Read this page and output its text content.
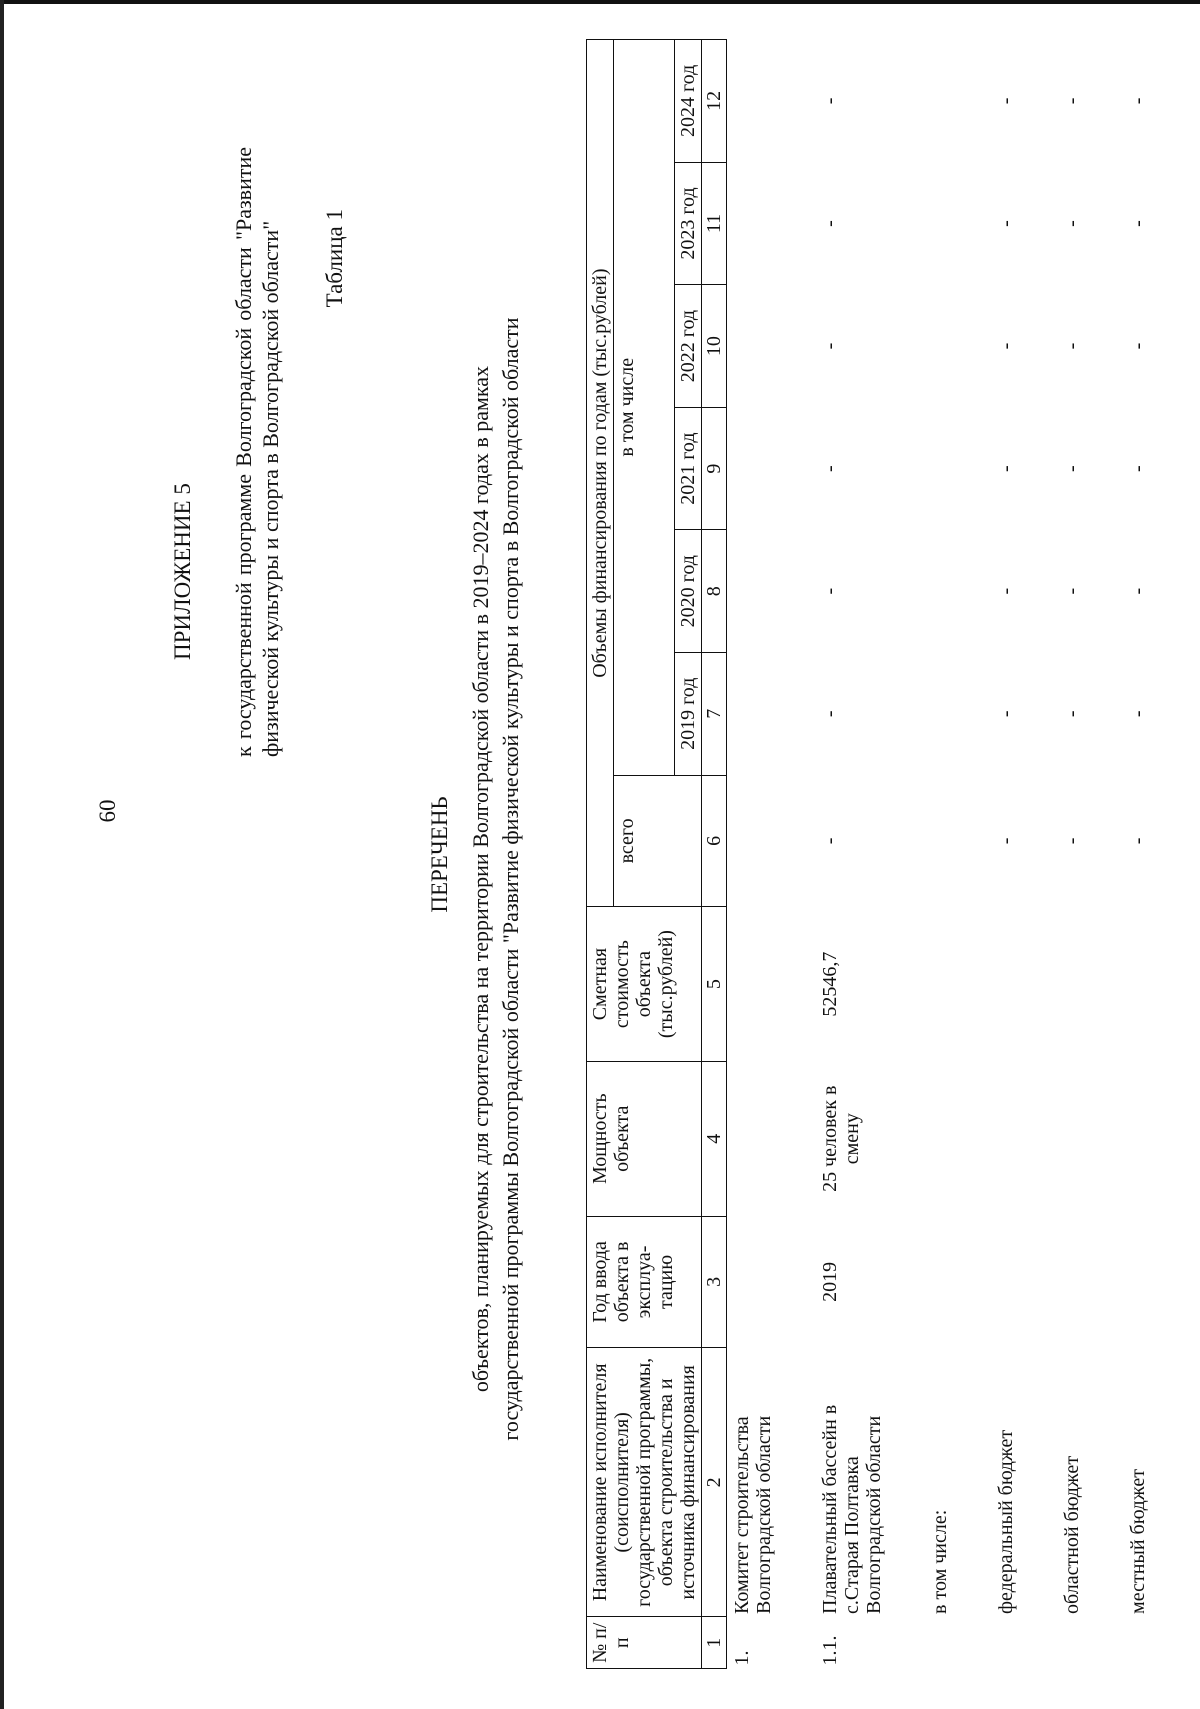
60
ПРИЛОЖЕНИЕ 5 к государственной программе Волгоградской области "Развитие физической культуры и спорта в Волгоградской области" Таблица 1
ПЕРЕЧЕНЬ объектов, планируемых для строительства на территории Волгоградской области в 2019–2024 годах в рамках государственной программы Волгоградской области "Развитие физической культуры и спорта в Волгоградской области
№ п/п	Наименование исполнителя (соисполнителя) государственной программы, объекта строительства и источника финансирования	Год ввода объекта в эксплуа-тацию	Мощность объекта	Сметная стоимость объекта (тыс.рублей)	Объемы финансирования по годам (тыс.рублей)						
					всего	в том числе					
						2019 год	2020 год	2021 год	2022 год	2023 год	2024 год
1	2	3	4	5	6	7	8	9	10	11	12
1.	Комитет строительства Волгоградской области										

1.1.	Плавательный бассейн в с.Старая Полтавка Волгоградской области	2019	25 человек в смену	52546,7	-	-	-	-	-	-	-

	в том числе:										

	федеральный бюджет				-	-	-	-	-	-	-

	областной бюджет				-	-	-	-	-	-	-

	местный бюджет				-	-	-	-	-	-	-
